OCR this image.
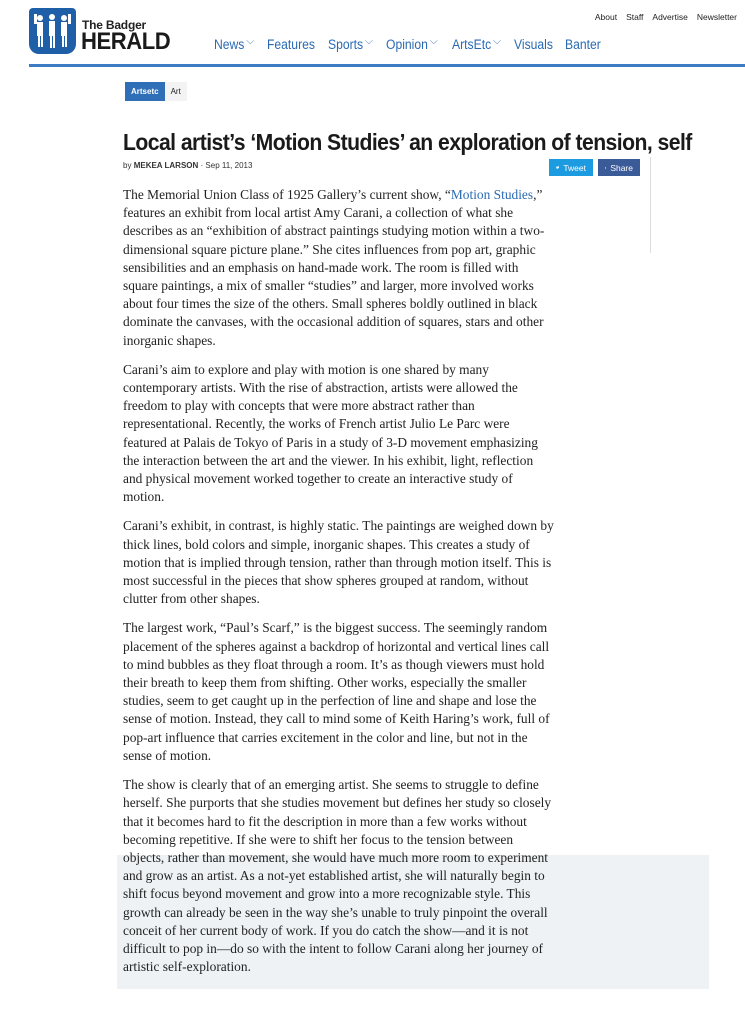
The Badger
HERALD
About Staff Advertise Newsletter
News ﹀ Features Sports ﹀ Opinion ﹀ ArtsEtc ﹀ Visuals Banter
Artsetc	Art
Local artist’s ‘Motion Studies’ an exploration of tension, self
by MEKEA LARSON · Sep 11, 2013	Tweet	Share

The Memorial Union Class of 1925 Gallery’s current show, “Motion Studies,” features an exhibit from local artist Amy Carani, a collection of what she describes as an “exhibition of abstract paintings studying motion within a two-dimensional square picture plane.” She cites influences from pop art, graphic sensibilities and an emphasis on hand-made work. The room is filled with square paintings, a mix of smaller “studies” and larger, more involved works about four times the size of the others. Small spheres boldly outlined in black dominate the canvases, with the occasional addition of squares, stars and other inorganic shapes.

Carani’s aim to explore and play with motion is one shared by many contemporary artists. With the rise of abstraction, artists were allowed the freedom to play with concepts that were more abstract rather than representational. Recently, the works of French artist Julio Le Parc were featured at Palais de Tokyo of Paris in a study of 3-D movement emphasizing the interaction between the art and the viewer. In his exhibit, light, reflection and physical movement worked together to create an interactive study of motion.

Carani’s exhibit, in contrast, is highly static. The paintings are weighed down by thick lines, bold colors and simple, inorganic shapes. This creates a study of motion that is implied through tension, rather than through motion itself. This is most successful in the pieces that show spheres grouped at random, without clutter from other shapes.

The largest work, “Paul’s Scarf,” is the biggest success. The seemingly random placement of the spheres against a backdrop of horizontal and vertical lines call to mind bubbles as they float through a room. It’s as though viewers must hold their breath to keep them from shifting. Other works, especially the smaller studies, seem to get caught up in the perfection of line and shape and lose the sense of motion. Instead, they call to mind some of Keith Haring’s work, full of pop-art influence that carries excitement in the color and line, but not in the sense of motion.

The show is clearly that of an emerging artist. She seems to struggle to define herself. She purports that she studies movement but defines her study so closely that it becomes hard to fit the description in more than a few works without becoming repetitive. If she were to shift her focus to the tension between objects, rather than movement, she would have much more room to experiment and grow as an artist. As a not-yet established artist, she will naturally begin to shift focus beyond movement and grow into a more recognizable style. This growth can already be seen in the way she’s unable to truly pinpoint the overall conceit of her current body of work. If you do catch the show—and it is not difficult to pop in—do so with the intent to follow Carani along her journey of artistic self-exploration.
